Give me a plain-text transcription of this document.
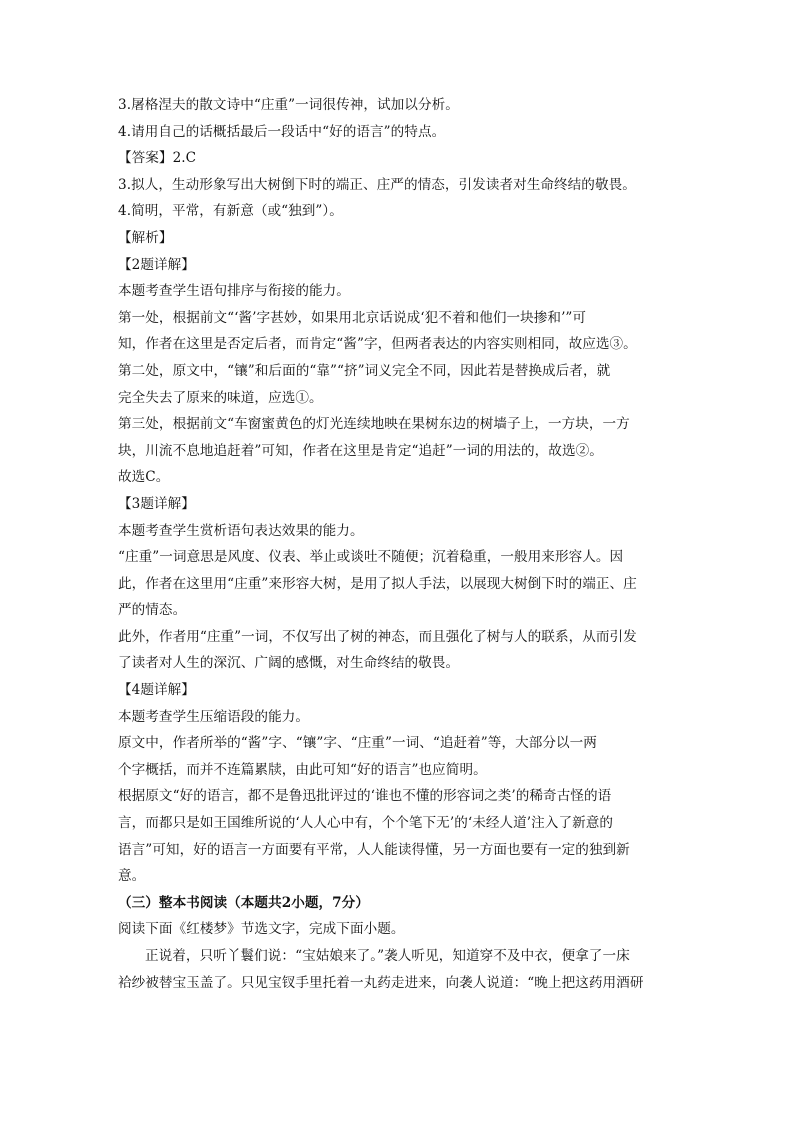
3.屠格涅夫的散文诗中“庄重”一词很传神，试加以分析。
4.请用自己的话概括最后一段话中“好的语言”的特点。
【答案】2.C
3.拟人，生动形象写出大树倒下时的端正、庄严的情态，引发读者对生命终结的敬畏。
4.简明，平常，有新意（或“独到”）。
【解析】
【2题详解】
本题考查学生语句排序与衔接的能力。
第一处，根据前文“‘酱’字甚妙，如果用北京话说成‘犯不着和他们一块掺和’”可
知，作者在这里是否定后者，而肯定“酱”字，但两者表达的内容实则相同，故应选③。
第二处，原文中，“镶”和后面的“靠”“挤”词义完全不同，因此若是替换成后者，就
完全失去了原来的味道，应选①。
第三处，根据前文“车窗蜜黄色的灯光连续地映在果树东边的树墙子上，一方块，一方
块，川流不息地追赶着”可知，作者在这里是肯定“追赶”一词的用法的，故选②。
故选C。
【3题详解】
本题考查学生赏析语句表达效果的能力。
“庄重”一词意思是风度、仪表、举止或谈吐不随便；沉着稳重，一般用来形容人。因
此，作者在这里用“庄重”来形容大树，是用了拟人手法，以展现大树倒下时的端正、庄
严的情态。
此外，作者用“庄重”一词，不仅写出了树的神态，而且强化了树与人的联系，从而引发
了读者对人生的深沉、广阔的感慨，对生命终结的敬畏。
【4题详解】
本题考查学生压缩语段的能力。
原文中，作者所举的“酱”字、“镶”字、“庄重”一词、“追赶着”等，大部分以一两
个字概括，而并不连篇累牍，由此可知“好的语言”也应简明。
根据原文“好的语言，都不是鲁迅批评过的‘谁也不懂的形容词之类’的稀奇古怪的语
言，而都只是如王国维所说的‘人人心中有，个个笔下无’的‘未经人道’注入了新意的
语言”可知，好的语言一方面要有平常，人人能读得懂，另一方面也要有一定的独到新
意。
（三）整本书阅读（本题共2小题，7分）
阅读下面《红楼梦》节选文字，完成下面小题。
正说着，只听丫鬟们说：“宝姑娘来了。”袭人听见，知道穿不及中衣，便拿了一床
袷纱被替宝玉盖了。只见宝钗手里托着一丸药走进来，向袭人说道：“晚上把这药用酒研
